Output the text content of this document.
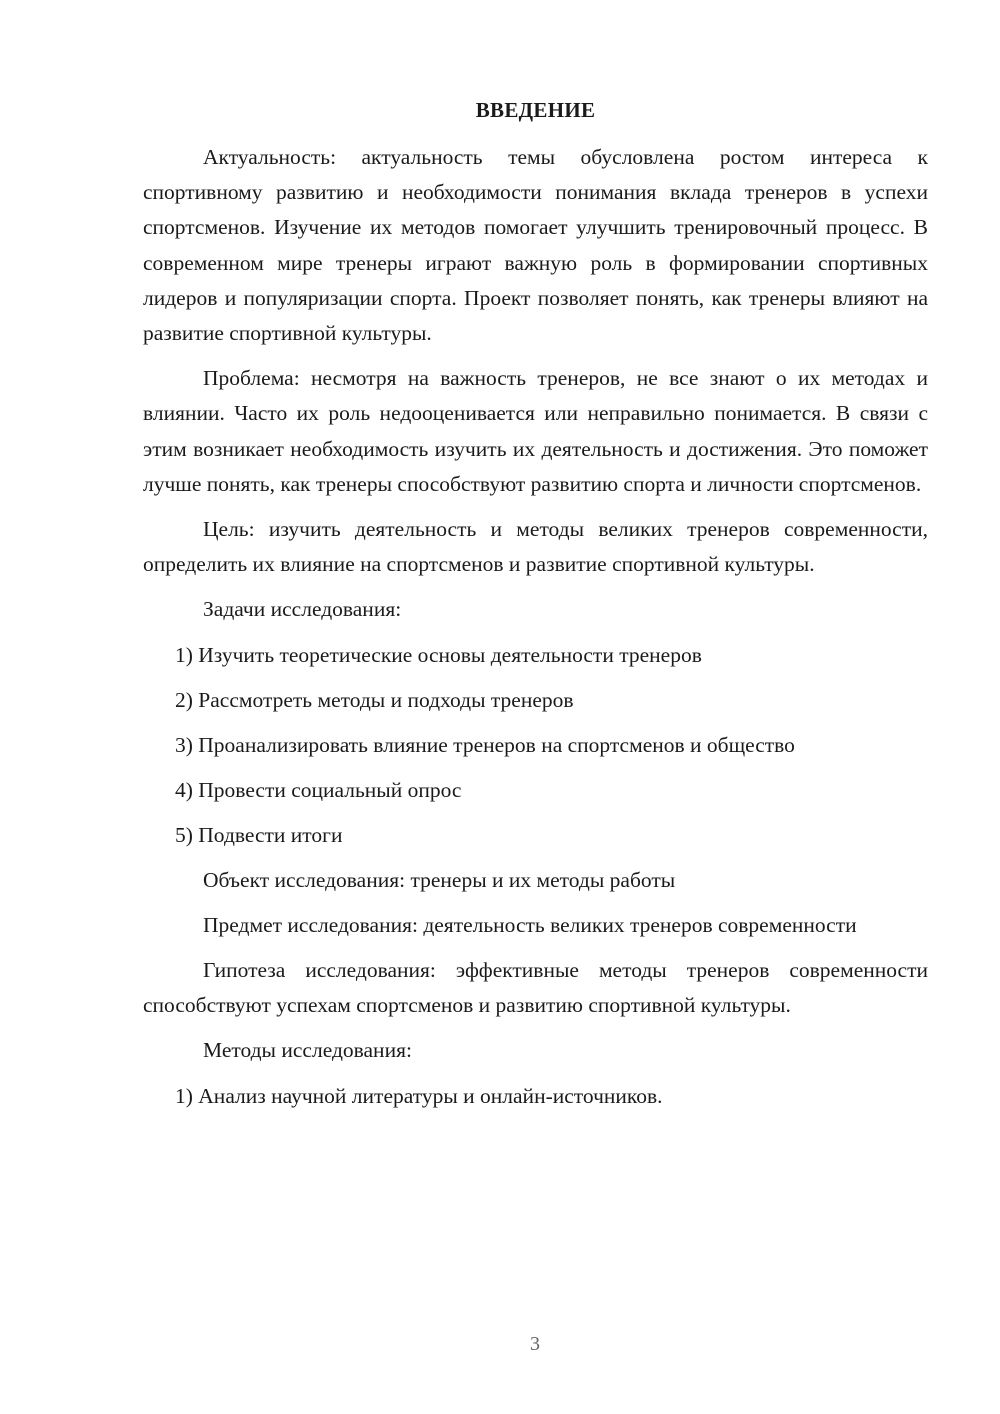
ВВЕДЕНИЕ

Актуальность: актуальность темы обусловлена ростом интереса к спортивному развитию и необходимости понимания вклада тренеров в успехи спортсменов. Изучение их методов помогает улучшить тренировочный процесс. В современном мире тренеры играют важную роль в формировании спортивных лидеров и популяризации спорта. Проект позволяет понять, как тренеры влияют на развитие спортивной культуры.

Проблема: несмотря на важность тренеров, не все знают о их методах и влиянии. Часто их роль недооценивается или неправильно понимается. В связи с этим возникает необходимость изучить их деятельность и достижения. Это поможет лучше понять, как тренеры способствуют развитию спорта и личности спортсменов.

Цель: изучить деятельность и методы великих тренеров современности, определить их влияние на спортсменов и развитие спортивной культуры.

Задачи исследования:

1) Изучить теоретические основы деятельности тренеров
2) Рассмотреть методы и подходы тренеров
3) Проанализировать влияние тренеров на спортсменов и общество
4) Провести социальный опрос
5) Подвести итоги

Объект исследования: тренеры и их методы работы

Предмет исследования: деятельность великих тренеров современности

Гипотеза исследования: эффективные методы тренеров современности способствуют успехам спортсменов и развитию спортивной культуры.

Методы исследования:

1) Анализ научной литературы и онлайн-источников.
3
